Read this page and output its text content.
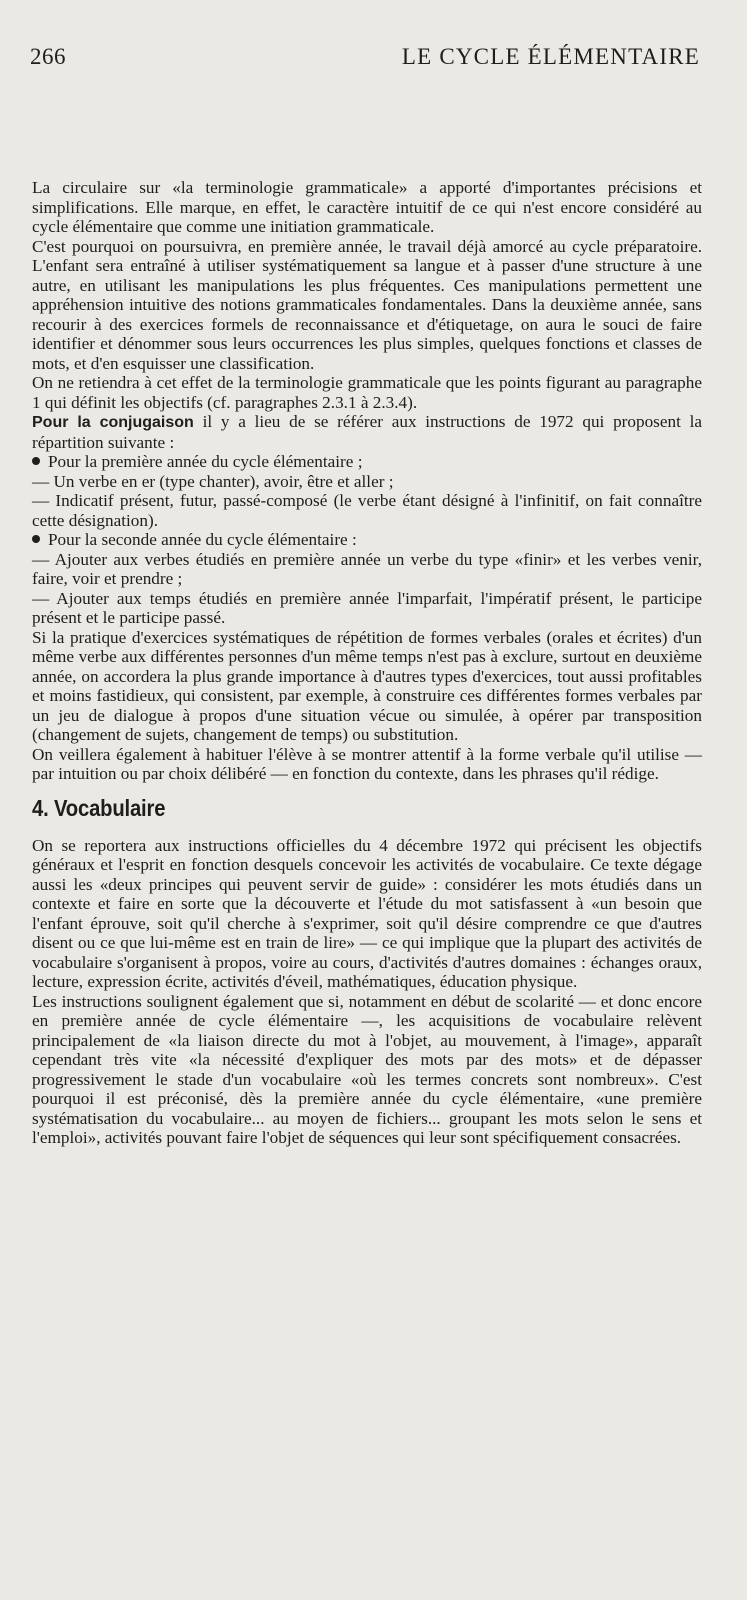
266	LE CYCLE ÉLÉMENTAIRE

La circulaire sur «la terminologie grammaticale» a apporté d'importantes précisions et simplifications. Elle marque, en effet, le caractère intuitif de ce qui n'est encore considéré au cycle élémentaire que comme une initiation grammaticale.

C'est pourquoi on poursuivra, en première année, le travail déjà amorcé au cycle préparatoire. L'enfant sera entraîné à utiliser systématiquement sa langue et à passer d'une structure à une autre, en utilisant les manipulations les plus fréquentes. Ces manipulations permettent une appréhension intuitive des notions grammaticales fondamentales. Dans la deuxième année, sans recourir à des exercices formels de reconnaissance et d'étiquetage, on aura le souci de faire identifier et dénommer sous leurs occurrences les plus simples, quelques fonctions et classes de mots, et d'en esquisser une classification.

On ne retiendra à cet effet de la terminologie grammaticale que les points figurant au paragraphe 1 qui définit les objectifs (cf. paragraphes 2.3.1 à 2.3.4).

Pour la conjugaison il y a lieu de se référer aux instructions de 1972 qui proposent la répartition suivante :

Pour la première année du cycle élémentaire ;

— Un verbe en er (type chanter), avoir, être et aller ;

— Indicatif présent, futur, passé-composé (le verbe étant désigné à l'infinitif, on fait connaître cette désignation).

Pour la seconde année du cycle élémentaire :

— Ajouter aux verbes étudiés en première année un verbe du type «finir» et les verbes venir, faire, voir et prendre ;

— Ajouter aux temps étudiés en première année l'imparfait, l'impératif présent, le participe présent et le participe passé.

Si la pratique d'exercices systématiques de répétition de formes verbales (orales et écrites) d'un même verbe aux différentes personnes d'un même temps n'est pas à exclure, surtout en deuxième année, on accordera la plus grande importance à d'autres types d'exercices, tout aussi profitables et moins fastidieux, qui consistent, par exemple, à construire ces différentes formes verbales par un jeu de dialogue à propos d'une situation vécue ou simulée, à opérer par transposition (changement de sujets, changement de temps) ou substitution.

On veillera également à habituer l'élève à se montrer attentif à la forme verbale qu'il utilise — par intuition ou par choix délibéré — en fonction du contexte, dans les phrases qu'il rédige.

4. Vocabulaire

On se reportera aux instructions officielles du 4 décembre 1972 qui précisent les objectifs généraux et l'esprit en fonction desquels concevoir les activités de vocabulaire. Ce texte dégage aussi les «deux principes qui peuvent servir de guide» : considérer les mots étudiés dans un contexte et faire en sorte que la découverte et l'étude du mot satisfassent à «un besoin que l'enfant éprouve, soit qu'il cherche à s'exprimer, soit qu'il désire comprendre ce que d'autres disent ou ce que lui-même est en train de lire» — ce qui implique que la plupart des activités de vocabulaire s'organisent à propos, voire au cours, d'activités d'autres domaines : échanges oraux, lecture, expression écrite, activités d'éveil, mathématiques, éducation physique.

Les instructions soulignent également que si, notamment en début de scolarité — et donc encore en première année de cycle élémentaire —, les acquisitions de vocabulaire relèvent principalement de «la liaison directe du mot à l'objet, au mouvement, à l'image», apparaît cependant très vite «la nécessité d'expliquer des mots par des mots» et de dépasser progressivement le stade d'un vocabulaire «où les termes concrets sont nombreux». C'est pourquoi il est préconisé, dès la première année du cycle élémentaire, «une première systématisation du vocabulaire... au moyen de fichiers... groupant les mots selon le sens et l'emploi», activités pouvant faire l'objet de séquences qui leur sont spécifiquement consacrées.
